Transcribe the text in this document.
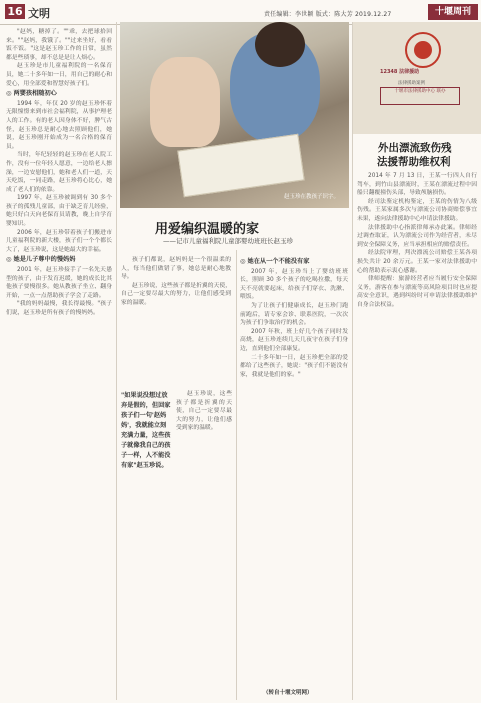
16 文明	责任编辑：李世颖 版式：陈大芳 2019.12.27	十堰周刊

"赵妈，糖掉了。""乖，去把球拾回来。""赵妈，我饿了。""过来坐好，看看饭不饭。"这是赵玉珍工作的日常，虽然都是些琐事，却不总是是让人烦心。

赵玉珍是市儿童福利院的一名保育员，她二十多年如一日，用自己的耐心和爱心，用全部爱和智慧好孩子们。

◎ 两婴孩相随初心

1994 年，年仅 20 岁的赵玉珍怀着无限憧憬来到市社会福利院，从事护理老人的工作。有的老人因身体不好，脾气古怪，赵玉珍总是耐心地去照顾他们，她说，赵玉珍刚开始成为一名合格的保育员。

当时，年纪轻轻的赵玉珍在老人院工作，没有一位年轻人愿意，一边给老人擦澡，一边安慰他们，她和老人们一道，天天吃饭，一同走路，赵玉珍将心比心，她成了老人们的依靠。

1997 年，赵玉珍被调到有 30 多个孩子的孤残儿童部，由于缺乏育儿经验，她只好白天向老保育员请教，晚上自学育婴知识。

2006 年，赵玉珍带着孩子们搬进市儿童福利院的新大楼，孩子们一个个都长大了，赵玉珍说，这是她最大的幸福。

◎ 她是儿子尊中的慢妈妈

2001 年，赵玉珍接手了一名先天愚型的孩子，由于发育迟缓，她的成长比其他孩子要慢很多。她从教孩子坐立、翻身开始，一点一点帮助孩子学会了走路。

"我的妈妈最慢，我长得最慢。"孩子们说，赵玉珍是所有孩子的慢妈妈。

赵玉珍在教孩子识字。
用爱编织温暖的家
——记市儿童福利院儿童部婴幼班班长赵玉珍

孩子们都说，赵妈妈是一个很温柔的人，每当他们做错了事，她总是耐心地教导。

赵玉珍说，这些孩子都是折翼的天使，自己一定要尽最大的努力，让他们感受到家的温暖。

"如果说没想过放弃是假的，但回家孩子们一句'赵妈妈'，我就能立刻充满力量，这些孩子就像我自己的孩子一样，人不能没有家"赵玉珍说。

赵玉珍说，这些孩子都是折翼的天使，自己一定要尽最大的努力，让他们感受到家的温暖。

◎ 她在从一个不能没有家

2007 年，赵玉珍当上了婴幼班班长，照顾 30 多个孩子的吃喝拉撒，每天天不亮就要起床，给孩子们穿衣、洗漱、喂饭。

为了让孩子们健康成长，赵玉珍门跑前跑后，请专家会诊、联系医院，一次次为孩子们争取治疗的机会。

2007 年秋，班上好几个孩子同时发高烧，赵玉珍连续几天几夜守在孩子们身边，直到他们全部康复。

二十多年如一日，赵玉珍把全部的爱都给了这些孩子，她说："孩子们不能没有家，我就是他们的家。"

（转自十堰文明网）
12348 法律援助
法律援助案例
十堰市法律援助中心 联办
外出漂流致伤残
法援帮助维权利

2014 年 7 月 13 日，王某一行四人自行驾车，到竹山县漂流时，王某在漂流过程中因船只翻覆撞伤头部，导致颅脑损伤。

经司法鉴定机构鉴定，王某的伤情为八级伤残。王某家属多次与漂流公司协商赔偿事宜未果，遂向法律援助中心申请法律援助。

法律援助中心指派律师承办此案。律师经过调查取证，认为漂流公司作为经营者，未尽到安全保障义务，应当承担相应的赔偿责任。

经法院审理，判决漂流公司赔偿王某各项损失共计 20 余万元。王某一家对法律援助中心的帮助表示衷心感谢。

律师提醒：旅游经营者应当履行安全保障义务，游客在参与漂流等高风险项目时也应提高安全意识，遇到纠纷时可申请法律援助维护自身合法权益。
